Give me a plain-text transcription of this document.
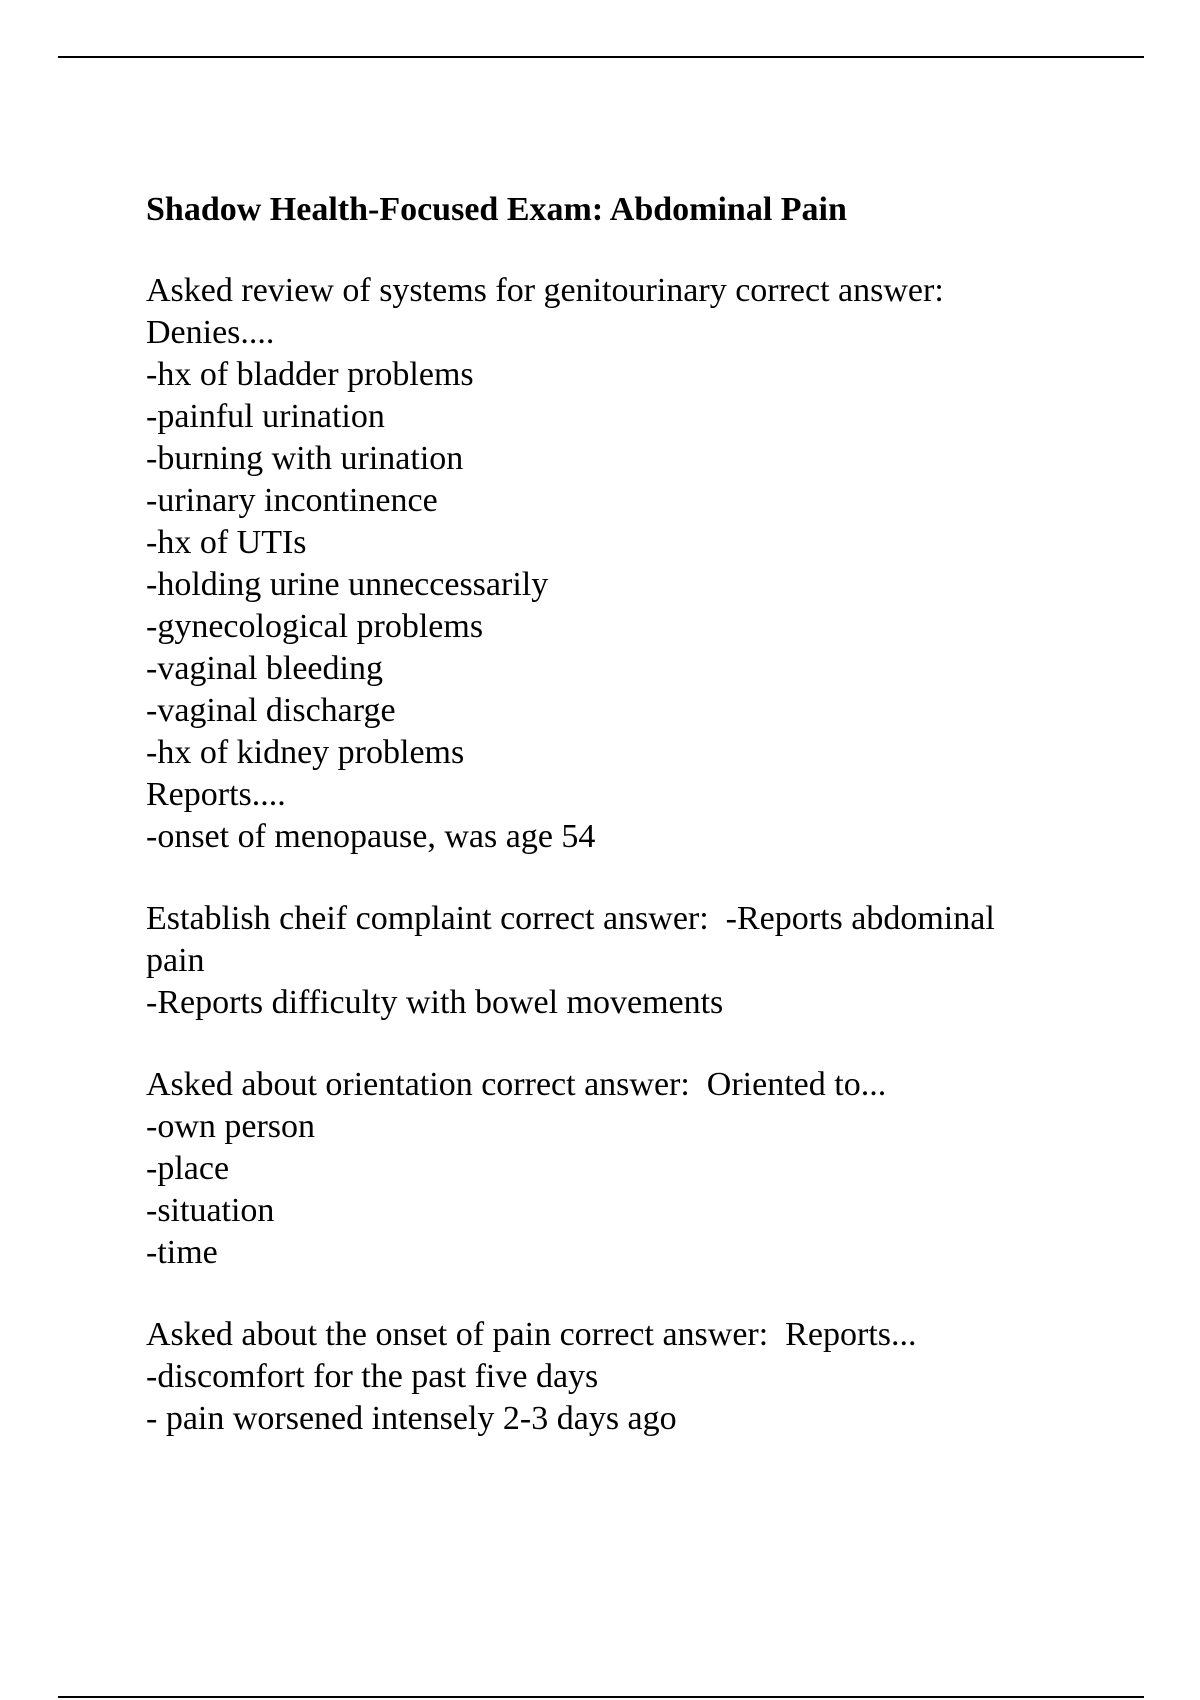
Shadow Health-Focused Exam: Abdominal Pain
Asked review of systems for genitourinary correct answer:
Denies....
-hx of bladder problems
-painful urination
-burning with urination
-urinary incontinence
-hx of UTIs
-holding urine unneccessarily
-gynecological problems
-vaginal bleeding
-vaginal discharge
-hx of kidney problems
Reports....
-onset of menopause, was age 54
Establish cheif complaint correct answer:  -Reports abdominal
pain
-Reports difficulty with bowel movements
Asked about orientation correct answer:  Oriented to...
-own person
-place
-situation
-time
Asked about the onset of pain correct answer:  Reports...
-discomfort for the past five days
- pain worsened intensely 2-3 days ago
